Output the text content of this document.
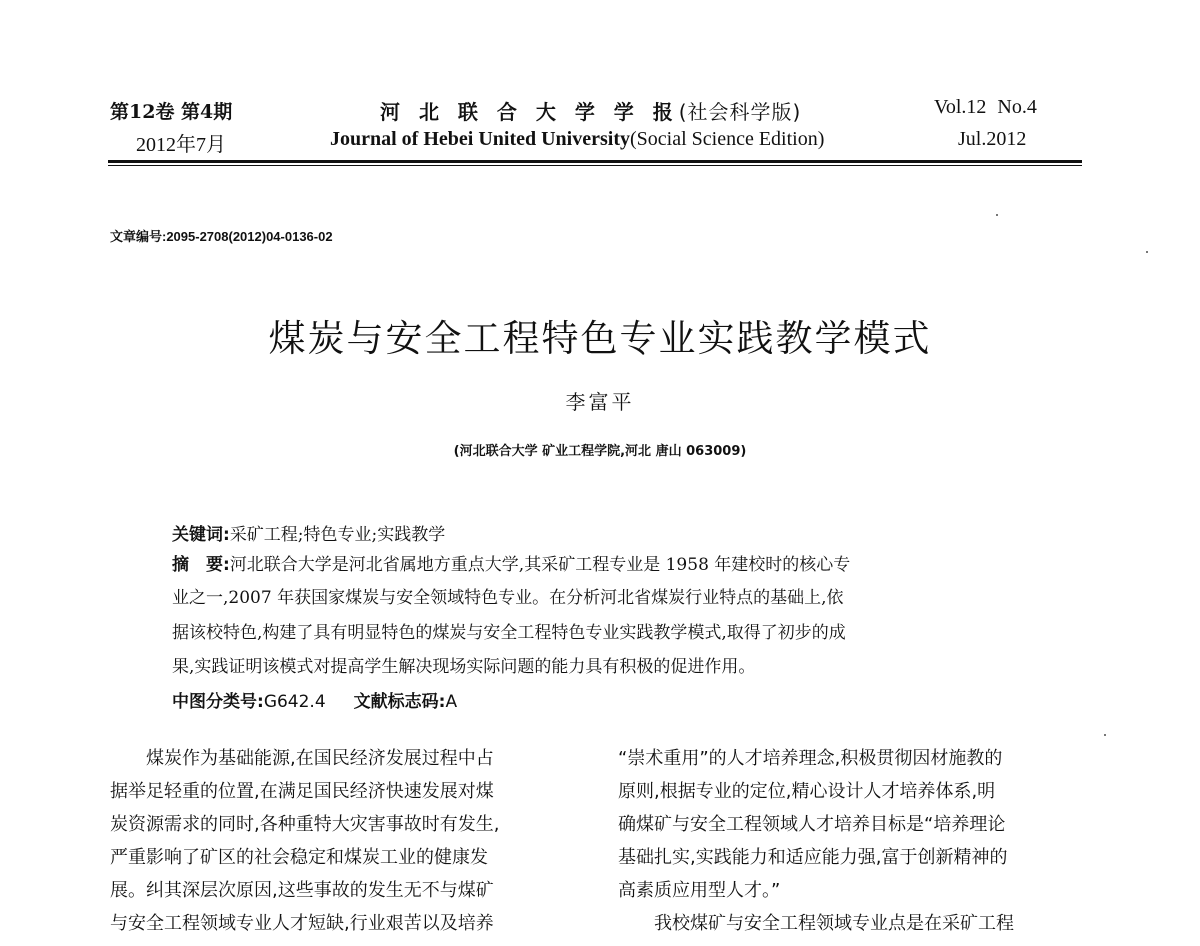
第12卷 第4期
2012年7月
河 北 联 合 大 学 学 报(社会科学版)
Journal of Hebei United University(Social Science Edition)
Vol.12 No.4
Jul.2012
文章编号:2095-2708(2012)04-0136-02
煤炭与安全工程特色专业实践教学模式
李富平
(河北联合大学 矿业工程学院,河北 唐山 063009)
关键词:采矿工程;特色专业;实践教学
摘　要:河北联合大学是河北省属地方重点大学,其采矿工程专业是 1958 年建校时的核心专
业之一,2007 年获国家煤炭与安全领域特色专业。在分析河北省煤炭行业特点的基础上,依
据该校特色,构建了具有明显特色的煤炭与安全工程特色专业实践教学模式,取得了初步的成
果,实践证明该模式对提高学生解决现场实际问题的能力具有积极的促进作用。
中图分类号:G642.4 文献标志码:A
　　煤炭作为基础能源,在国民经济发展过程中占
据举足轻重的位置,在满足国民经济快速发展对煤
炭资源需求的同时,各种重特大灾害事故时有发生,
严重影响了矿区的社会稳定和煤炭工业的健康发
展。纠其深层次原因,这些事故的发生无不与煤矿
与安全工程领域专业人才短缺,行业艰苦以及培养
“崇术重用”的人才培养理念,积极贯彻因材施教的
原则,根据专业的定位,精心设计人才培养体系,明
确煤矿与安全工程领域人才培养目标是“培养理论
基础扎实,实践能力和适应能力强,富于创新精神的
高素质应用型人才。”
　　我校煤矿与安全工程领域专业点是在采矿工程
